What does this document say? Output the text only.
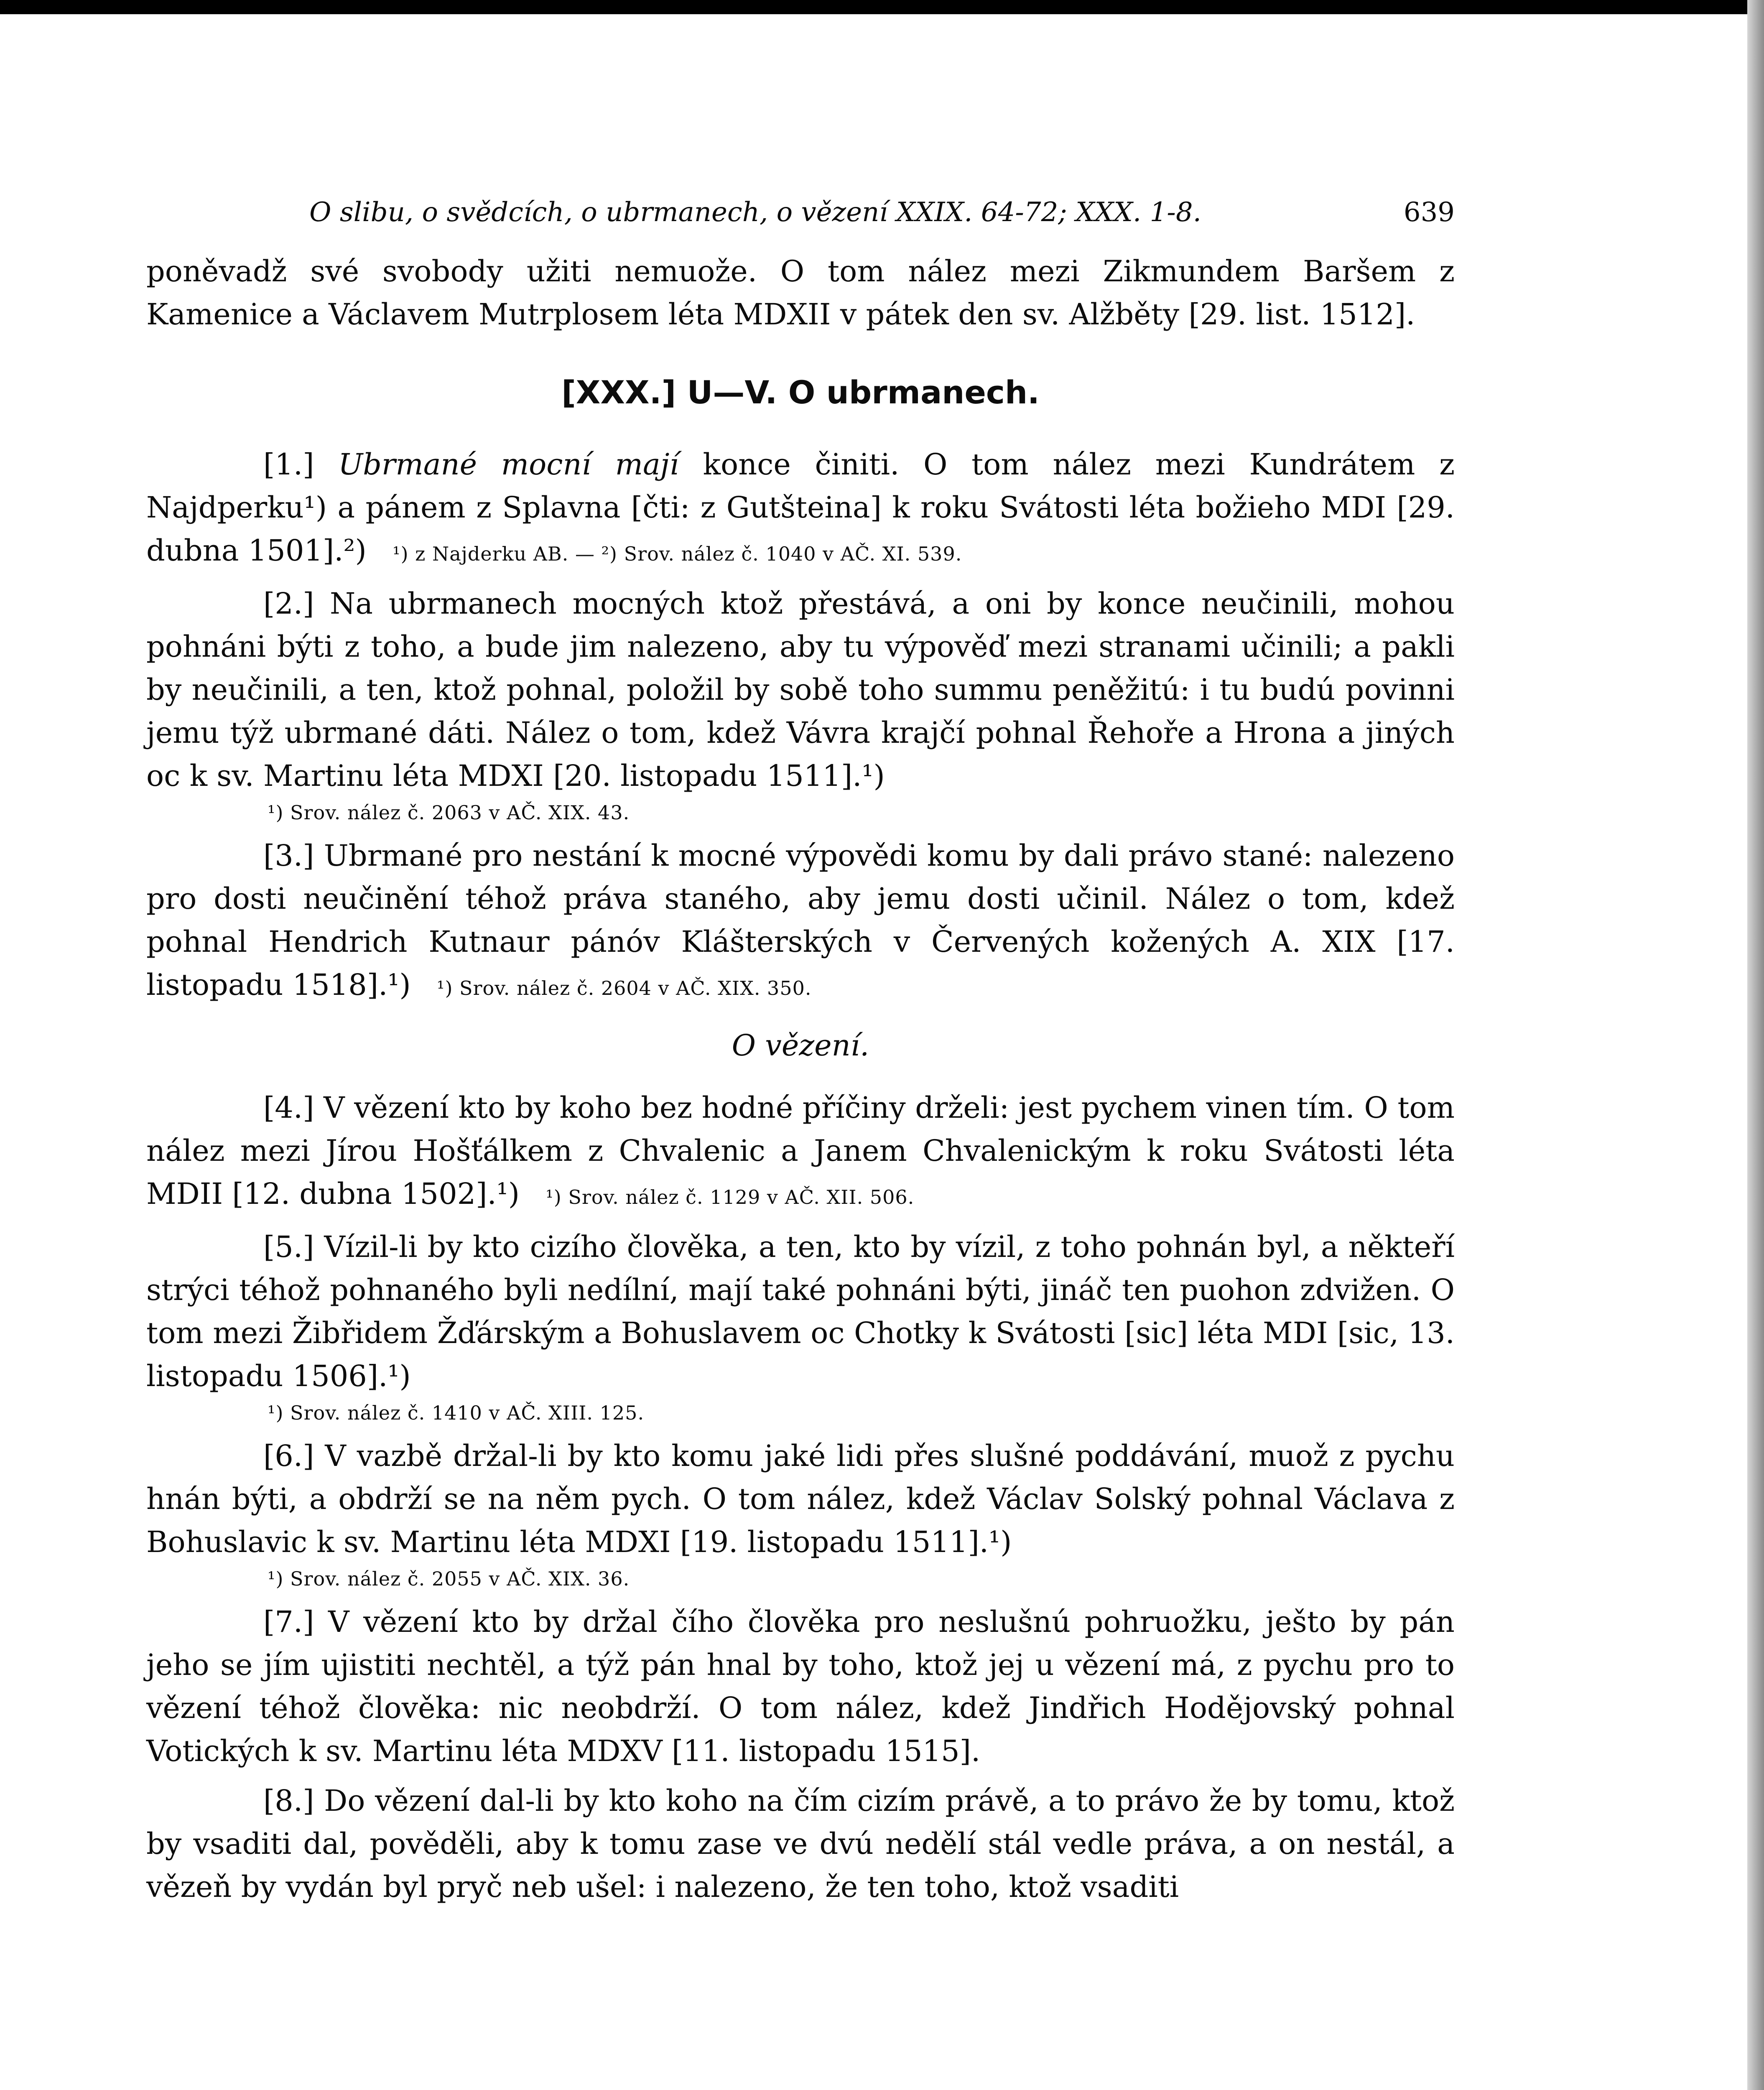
O slibu, o svědcích, o ubrmanech, o vězení XXIX. 64-72; XXX. 1-8.	639

poněvadž své svobody užiti nemuože. O tom nález mezi Zikmundem Baršem z Kamenice a Václavem Mutrplosem léta MDXII v pátek den sv. Alžběty [29. list. 1512].

[XXX.] U—V. O ubrmanech.

[1.] Ubrmané mocní mají konce činiti. O tom nález mezi Kundrátem z Najdperku¹) a pánem z Splavna [čti: z Gutšteina] k roku Svátosti léta božieho MDI [29. dubna 1501].²) ¹) z Najderku AB. — ²) Srov. nález č. 1040 v AČ. XI. 539.

[2.] Na ubrmanech mocných ktož přestává, a oni by konce neučinili, mohou pohnáni býti z toho, a bude jim nalezeno, aby tu výpověď mezi stranami učinili; a pakli by neučinili, a ten, ktož pohnal, položil by sobě toho summu peněžitú: i tu budú povinni jemu týž ubrmané dáti. Nález o tom, kdež Vávra krajčí pohnal Řehoře a Hrona a jiných oc k sv. Martinu léta MDXI [20. listopadu 1511].¹)

¹) Srov. nález č. 2063 v AČ. XIX. 43.

[3.] Ubrmané pro nestání k mocné výpovědi komu by dali právo stané: nalezeno pro dosti neučinění téhož práva staného, aby jemu dosti učinil. Nález o tom, kdež pohnal Hendrich Kutnaur pánóv Klášterských v Červených kožených A. XIX [17. listopadu 1518].¹) ¹) Srov. nález č. 2604 v AČ. XIX. 350.

O vězení.

[4.] V vězení kto by koho bez hodné příčiny drželi: jest pychem vinen tím. O tom nález mezi Jírou Hošťálkem z Chvalenic a Janem Chvalenickým k roku Svátosti léta MDII [12. dubna 1502].¹) ¹) Srov. nález č. 1129 v AČ. XII. 506.

[5.] Vízil-li by kto cizího člověka, a ten, kto by vízil, z toho pohnán byl, a někteří strýci téhož pohnaného byli nedílní, mají také pohnáni býti, jináč ten puohon zdvižen. O tom mezi Žibřidem Žďárským a Bohuslavem oc Chotky k Svátosti [sic] léta MDI [sic, 13. listopadu 1506].¹)

¹) Srov. nález č. 1410 v AČ. XIII. 125.

[6.] V vazbě držal-li by kto komu jaké lidi přes slušné poddávání, muož z pychu hnán býti, a obdrží se na něm pych. O tom nález, kdež Václav Solský pohnal Václava z Bohuslavic k sv. Martinu léta MDXI [19. listopadu 1511].¹)

¹) Srov. nález č. 2055 v AČ. XIX. 36.

[7.] V vězení kto by držal čího člověka pro neslušnú pohruožku, ješto by pán jeho se jím ujistiti nechtěl, a týž pán hnal by toho, ktož jej u vězení má, z pychu pro to vězení téhož člověka: nic neobdrží. O tom nález, kdež Jindřich Hodějovský pohnal Votických k sv. Martinu léta MDXV [11. listopadu 1515].

[8.] Do vězení dal-li by kto koho na čím cizím právě, a to právo že by tomu, ktož by vsaditi dal, pověděli, aby k tomu zase ve dvú nedělí stál vedle práva, a on nestál, a vězeň by vydán byl pryč neb ušel: i nalezeno, že ten toho, ktož vsaditi
